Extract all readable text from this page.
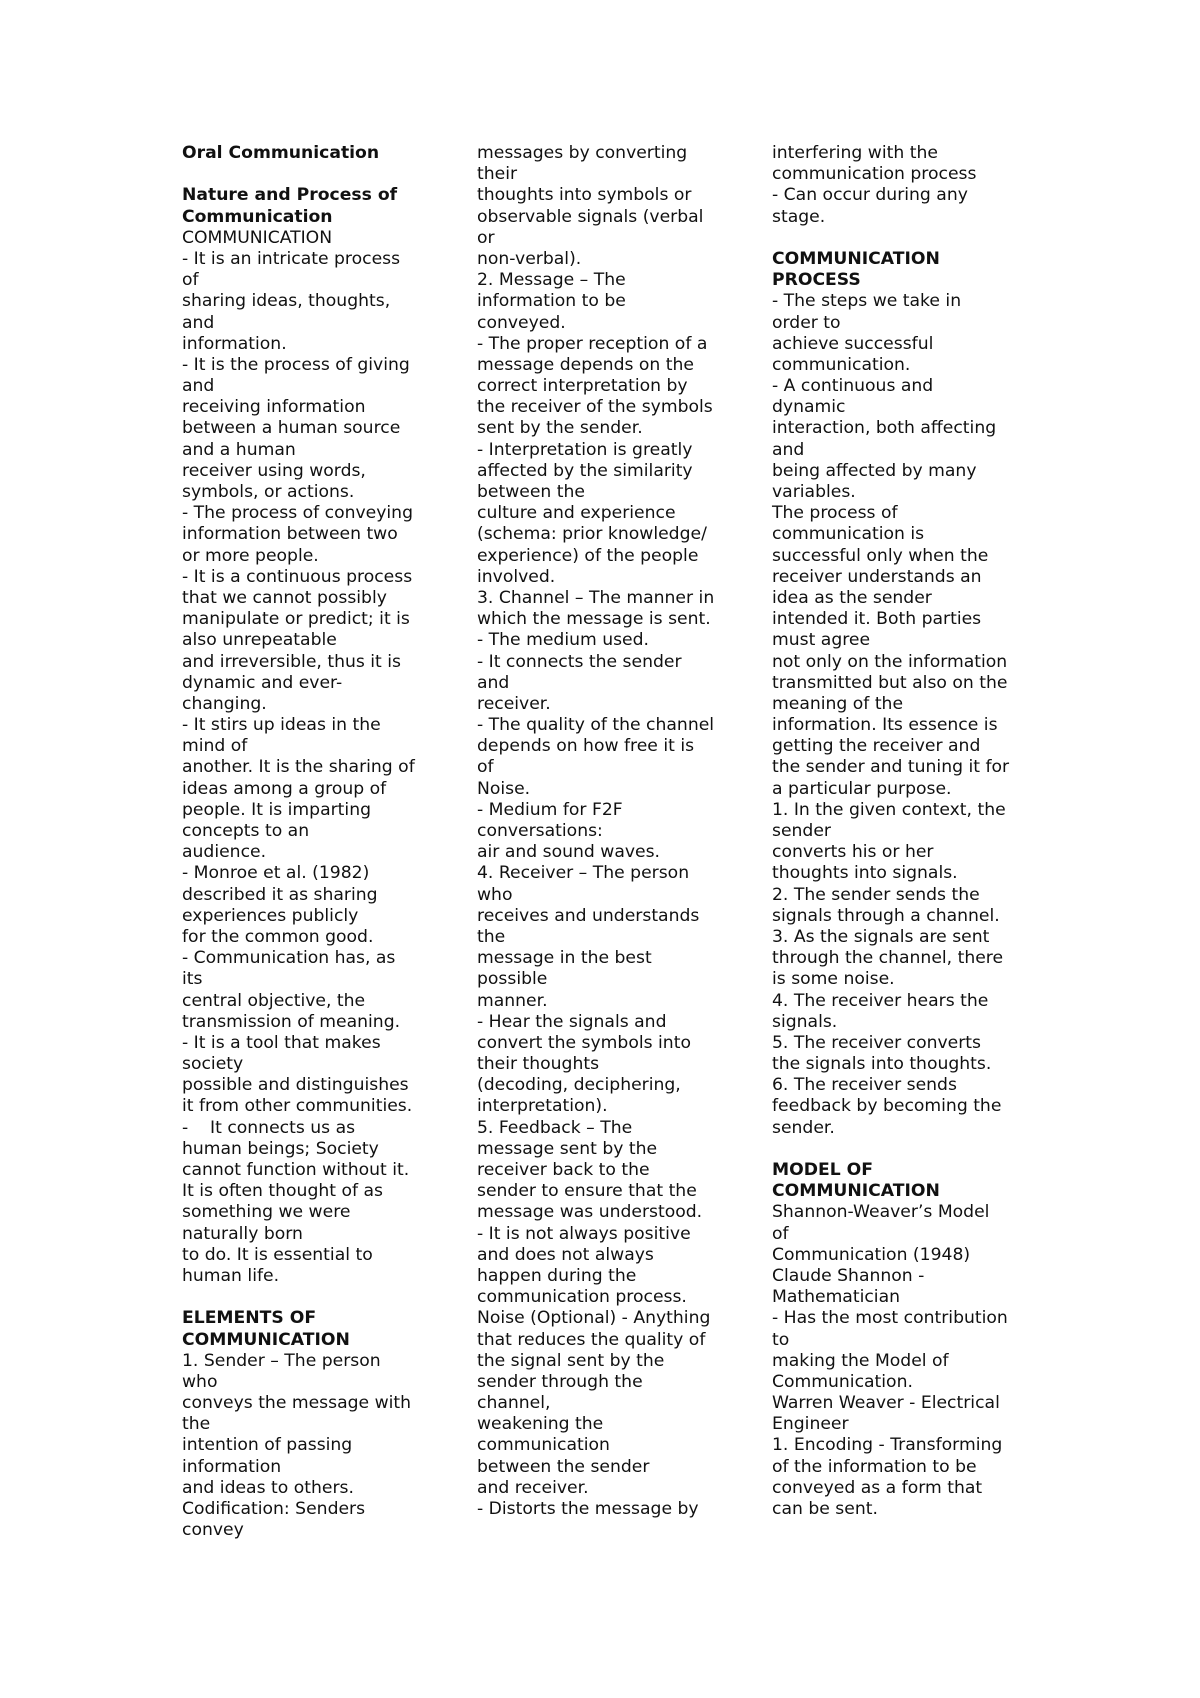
Oral Communication
Nature and Process of
Communication
COMMUNICATION
- It is an intricate process
of
sharing ideas, thoughts,
and
information.
- It is the process of giving
and
receiving information
between a human source
and a human
receiver using words,
symbols, or actions.
- The process of conveying
information between two
or more people.
- It is a continuous process
that we cannot possibly
manipulate or predict; it is
also unrepeatable
and irreversible, thus it is
dynamic and ever-
changing.
- It stirs up ideas in the
mind of
another. It is the sharing of
ideas among a group of
people. It is imparting
concepts to an
audience.
- Monroe et al. (1982)
described it as sharing
experiences publicly
for the common good.
- Communication has, as
its
central objective, the
transmission of meaning.
- It is a tool that makes
society
possible and distinguishes
it from other communities.
-    It connects us as
human beings; Society
cannot function without it.
It is often thought of as
something we were
naturally born
to do. It is essential to
human life.
ELEMENTS OF
COMMUNICATION
1. Sender – The person
who
conveys the message with
the
intention of passing
information
and ideas to others.
Codification: Senders
convey
messages by converting
their
thoughts into symbols or
observable signals (verbal
or
non-verbal).
2. Message – The
information to be
conveyed.
- The proper reception of a
message depends on the
correct interpretation by
the receiver of the symbols
sent by the sender.
- Interpretation is greatly
affected by the similarity
between the
culture and experience
(schema: prior knowledge/
experience) of the people
involved.
3. Channel – The manner in
which the message is sent.
- The medium used.
- It connects the sender
and
receiver.
- The quality of the channel
depends on how free it is
of
Noise.
- Medium for F2F
conversations:
air and sound waves.
4. Receiver – The person
who
receives and understands
the
message in the best
possible
manner.
- Hear the signals and
convert the symbols into
their thoughts
(decoding, deciphering,
interpretation).
5. Feedback – The
message sent by the
receiver back to the
sender to ensure that the
message was understood.
- It is not always positive
and does not always
happen during the
communication process.
Noise (Optional) - Anything
that reduces the quality of
the signal sent by the
sender through the
channel,
weakening the
communication
between the sender
and receiver.
- Distorts the message by
interfering with the
communication process
- Can occur during any
stage.
COMMUNICATION
PROCESS
- The steps we take in
order to
achieve successful
communication.
- A continuous and
dynamic
interaction, both affecting
and
being affected by many
variables.
The process of
communication is
successful only when the
receiver understands an
idea as the sender
intended it. Both parties
must agree
not only on the information
transmitted but also on the
meaning of the
information. Its essence is
getting the receiver and
the sender and tuning it for
a particular purpose.
1. In the given context, the
sender
converts his or her
thoughts into signals.
2. The sender sends the
signals through a channel.
3. As the signals are sent
through the channel, there
is some noise.
4. The receiver hears the
signals.
5. The receiver converts
the signals into thoughts.
6. The receiver sends
feedback by becoming the
sender.
MODEL OF
COMMUNICATION
Shannon-Weaver’s Model
of
Communication (1948)
Claude Shannon -
Mathematician
- Has the most contribution
to
making the Model of
Communication.
Warren Weaver - Electrical
Engineer
1. Encoding - Transforming
of the information to be
conveyed as a form that
can be sent.
